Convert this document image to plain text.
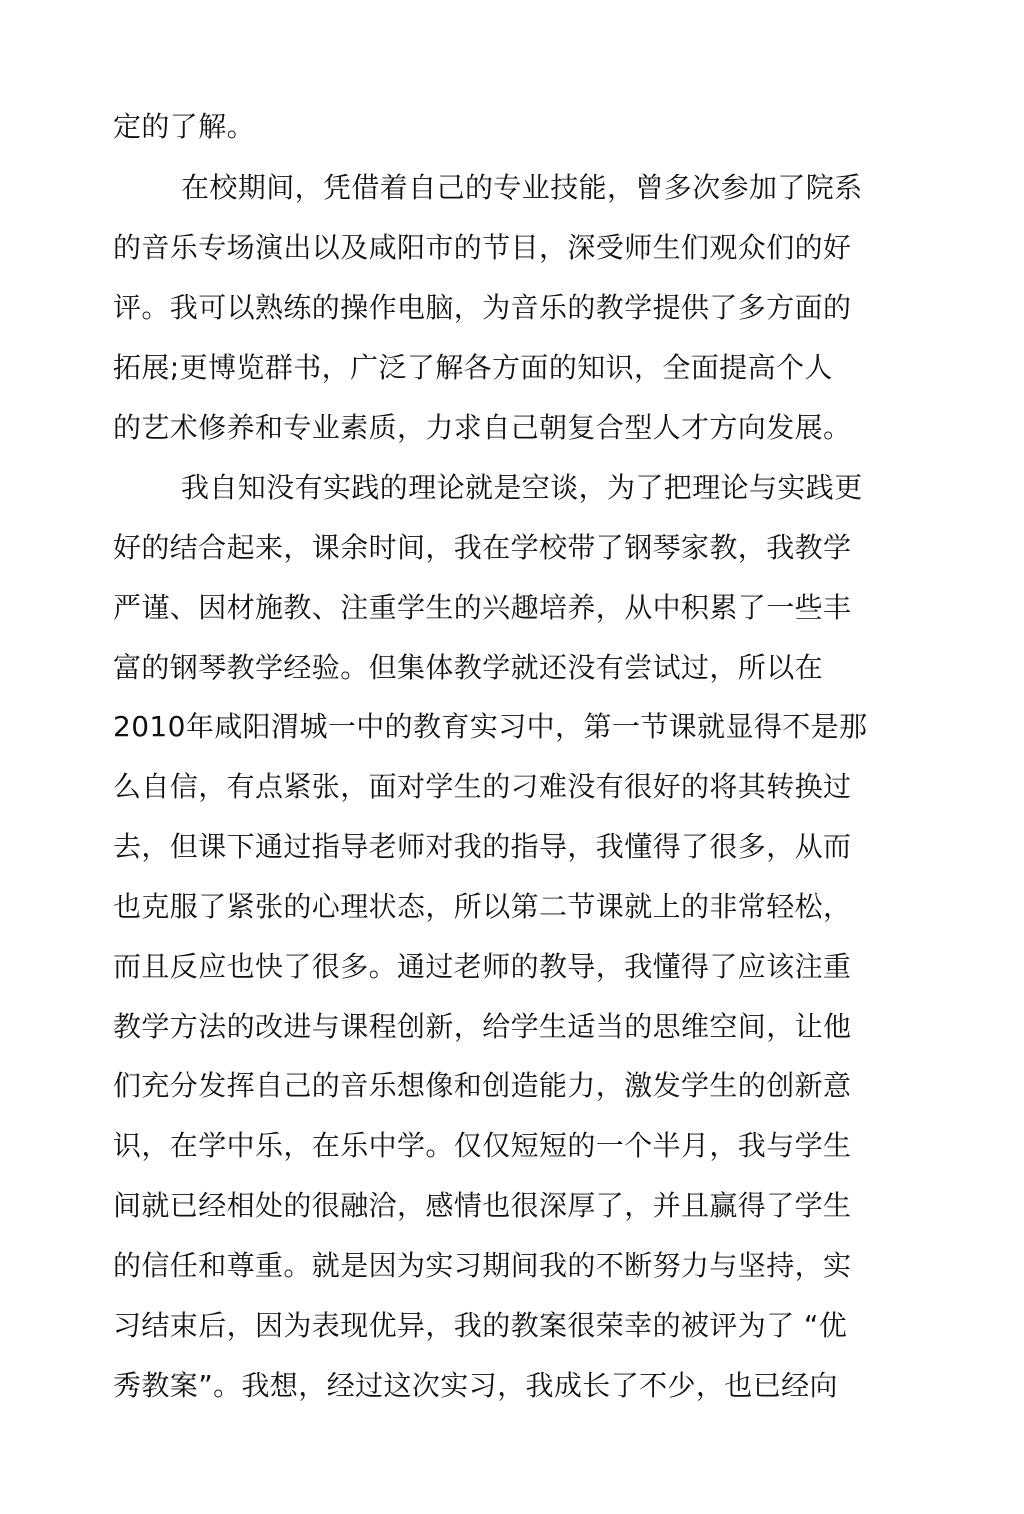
定的了解。
在校期间，凭借着自己的专业技能，曾多次参加了院系
的音乐专场演出以及咸阳市的节目，深受师生们观众们的好
评。我可以熟练的操作电脑，为音乐的教学提供了多方面的
拓展;更博览群书，广泛了解各方面的知识，全面提高个人
的艺术修养和专业素质，力求自己朝复合型人才方向发展。
我自知没有实践的理论就是空谈，为了把理论与实践更
好的结合起来，课余时间，我在学校带了钢琴家教，我教学
严谨、因材施教、注重学生的兴趣培养，从中积累了一些丰
富的钢琴教学经验。但集体教学就还没有尝试过，所以在
2010年咸阳渭城一中的教育实习中，第一节课就显得不是那
么自信，有点紧张，面对学生的刁难没有很好的将其转换过
去，但课下通过指导老师对我的指导，我懂得了很多，从而
也克服了紧张的心理状态，所以第二节课就上的非常轻松，
而且反应也快了很多。通过老师的教导，我懂得了应该注重
教学方法的改进与课程创新，给学生适当的思维空间，让他
们充分发挥自己的音乐想像和创造能力，激发学生的创新意
识，在学中乐，在乐中学。仅仅短短的一个半月，我与学生
间就已经相处的很融洽，感情也很深厚了，并且赢得了学生
的信任和尊重。就是因为实习期间我的不断努力与坚持，实
习结束后，因为表现优异，我的教案很荣幸的被评为了 “优
秀教案”。我想，经过这次实习，我成长了不少，也已经向
